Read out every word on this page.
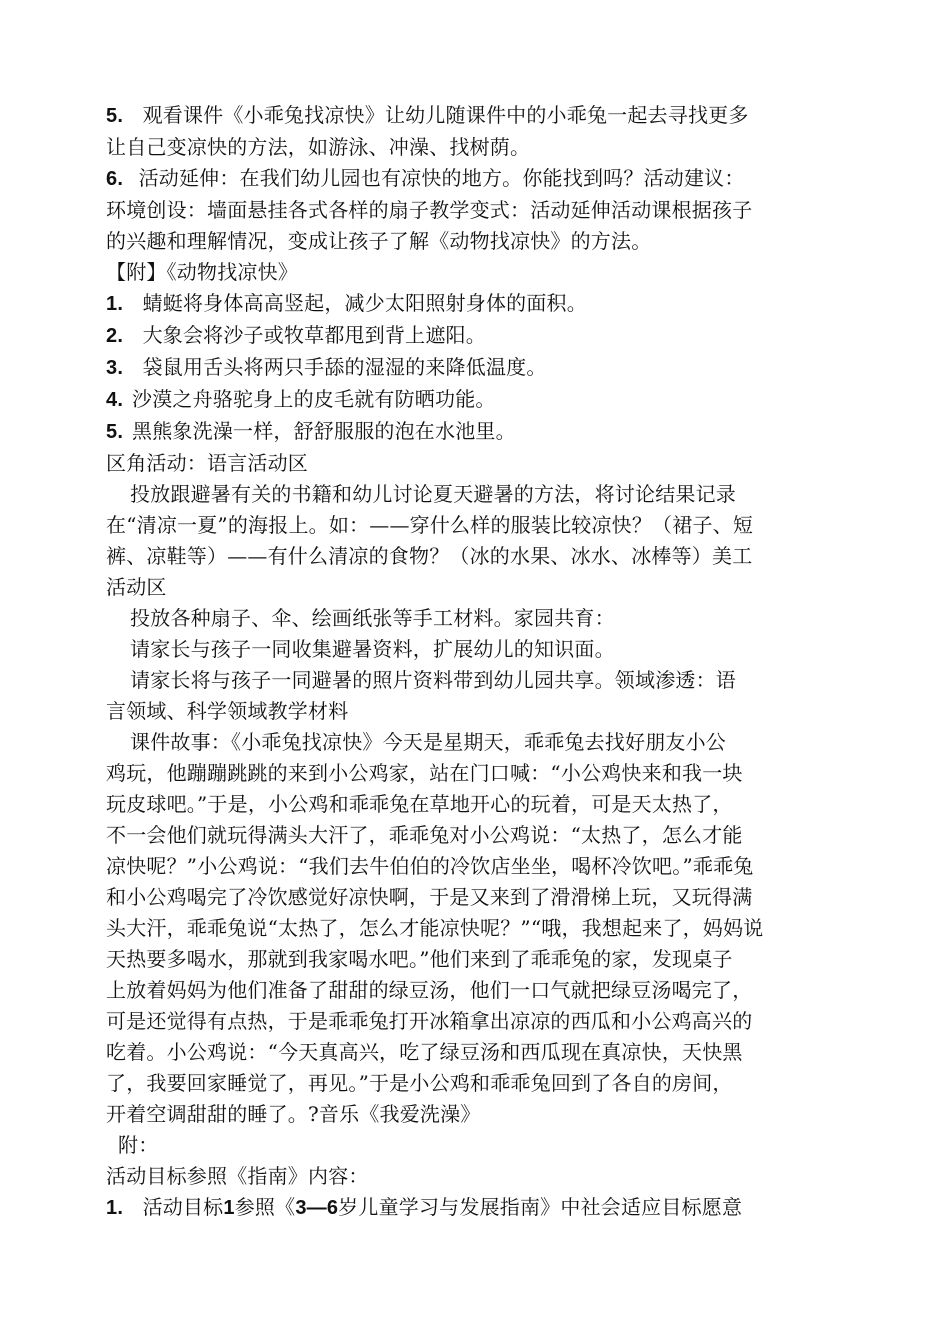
5. 观看课件《小乖兔找凉快》让幼儿随课件中的小乖兔一起去寻找更多
让自己变凉快的方法，如游泳、冲澡、找树荫。
6. 活动延伸：在我们幼儿园也有凉快的地方。你能找到吗？活动建议：
环境创设：墙面悬挂各式各样的扇子教学变式：活动延伸活动课根据孩子
的兴趣和理解情况，变成让孩子了解《动物找凉快》的方法。
【附】《动物找凉快》
1. 蜻蜓将身体高高竖起，减少太阳照射身体的面积。
2. 大象会将沙子或牧草都甩到背上遮阳。
3. 袋鼠用舌头将两只手舔的湿湿的来降低温度。
4. 沙漠之舟骆驼身上的皮毛就有防晒功能。
5. 黑熊象洗澡一样，舒舒服服的泡在水池里。
区角活动：语言活动区
投放跟避暑有关的书籍和幼儿讨论夏天避暑的方法，将讨论结果记录
在“清凉一夏”的海报上。如：——穿什么样的服装比较凉快？（裙子、短
裤、凉鞋等）——有什么清凉的食物？（冰的水果、冰水、冰棒等）美工
活动区
投放各种扇子、伞、绘画纸张等手工材料。家园共育：
请家长与孩子一同收集避暑资料，扩展幼儿的知识面。
请家长将与孩子一同避暑的照片资料带到幼儿园共享。领域渗透：语
言领域、科学领域教学材料
课件故事：《小乖兔找凉快》今天是星期天，乖乖兔去找好朋友小公
鸡玩，他蹦蹦跳跳的来到小公鸡家，站在门口喊：“小公鸡快来和我一块
玩皮球吧。”于是，小公鸡和乖乖兔在草地开心的玩着，可是天太热了，
不一会他们就玩得满头大汗了，乖乖兔对小公鸡说：“太热了，怎么才能
凉快呢？”小公鸡说：“我们去牛伯伯的冷饮店坐坐，喝杯冷饮吧。”乖乖兔
和小公鸡喝完了冷饮感觉好凉快啊，于是又来到了滑滑梯上玩，又玩得满
头大汗，乖乖兔说“太热了，怎么才能凉快呢？”“哦，我想起来了，妈妈说
天热要多喝水，那就到我家喝水吧。”他们来到了乖乖兔的家，发现桌子
上放着妈妈为他们准备了甜甜的绿豆汤，他们一口气就把绿豆汤喝完了，
可是还觉得有点热，于是乖乖兔打开冰箱拿出凉凉的西瓜和小公鸡高兴的
吃着。小公鸡说：“今天真高兴，吃了绿豆汤和西瓜现在真凉快，天快黑
了，我要回家睡觉了，再见。”于是小公鸡和乖乖兔回到了各自的房间，
开着空调甜甜的睡了。?音乐《我爱洗澡》
附：
活动目标参照《指南》内容：
1. 活动目标1参照《3—6岁儿童学习与发展指南》中社会适应目标愿意
